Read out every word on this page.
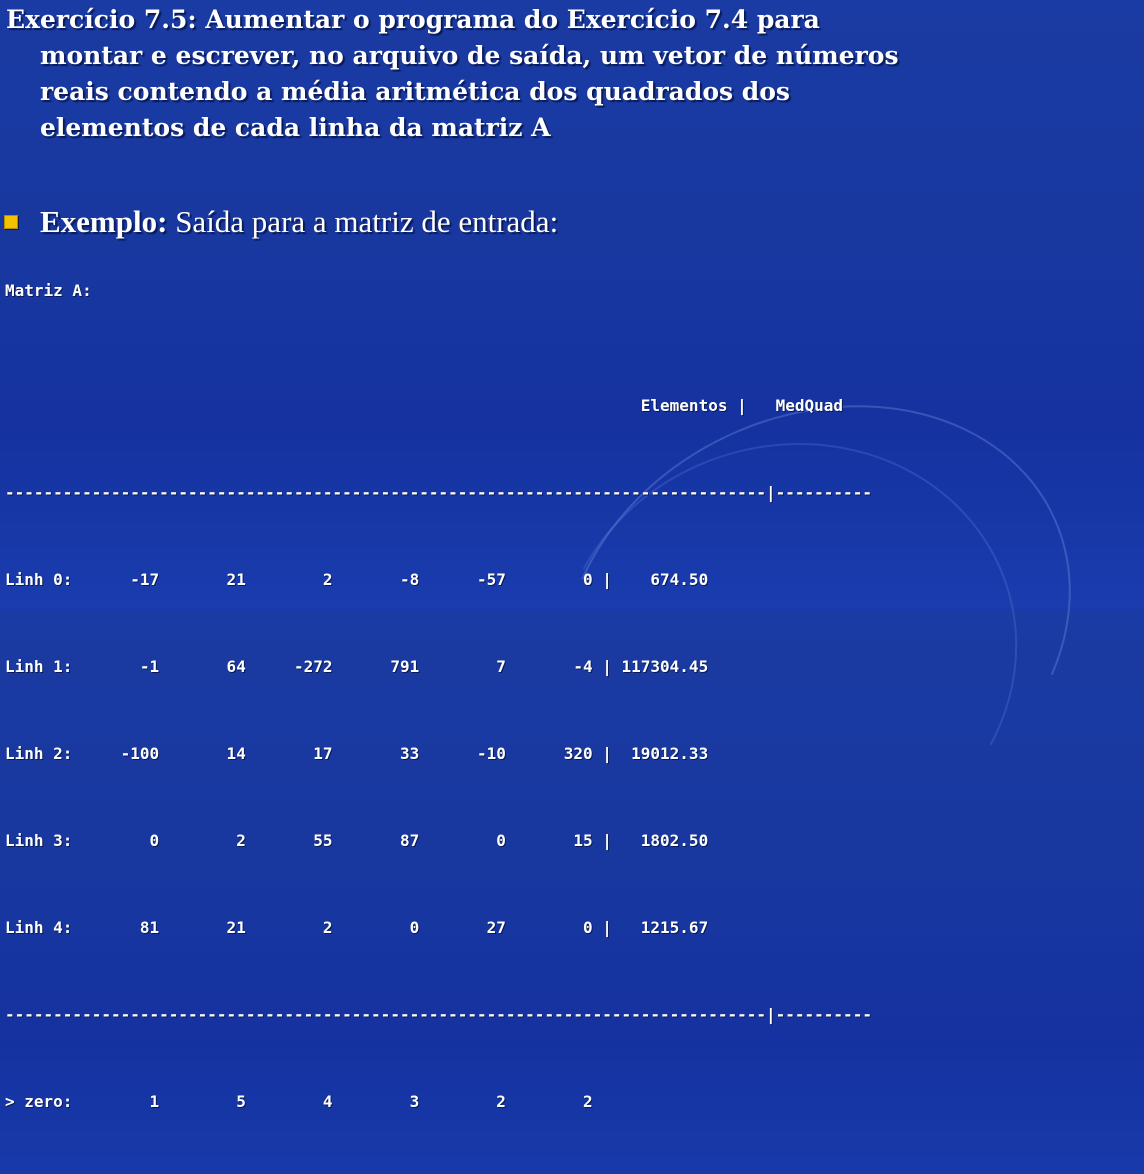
Exercício 7.5: Aumentar o programa do Exercício 7.4 para montar e escrever, no arquivo de saída, um vetor de números reais contendo a média aritmética dos quadrados dos elementos de cada linha da matriz A

Exemplo: Saída para a matriz de entrada:
Matriz A:

Elementos |   MedQuad

-------------------------------------------------------------------------------|----------

Linh 0:      -17       21        2       -8      -57        0 |    674.50

Linh 1:       -1       64     -272      791        7       -4 | 117304.45

Linh 2:     -100       14       17       33      -10      320 |  19012.33

Linh 3:        0        2       55       87        0       15 |   1802.50

Linh 4:       81       21        2        0       27        0 |   1215.67

-------------------------------------------------------------------------------|----------

> zero:        1        5        4        3        2        2
